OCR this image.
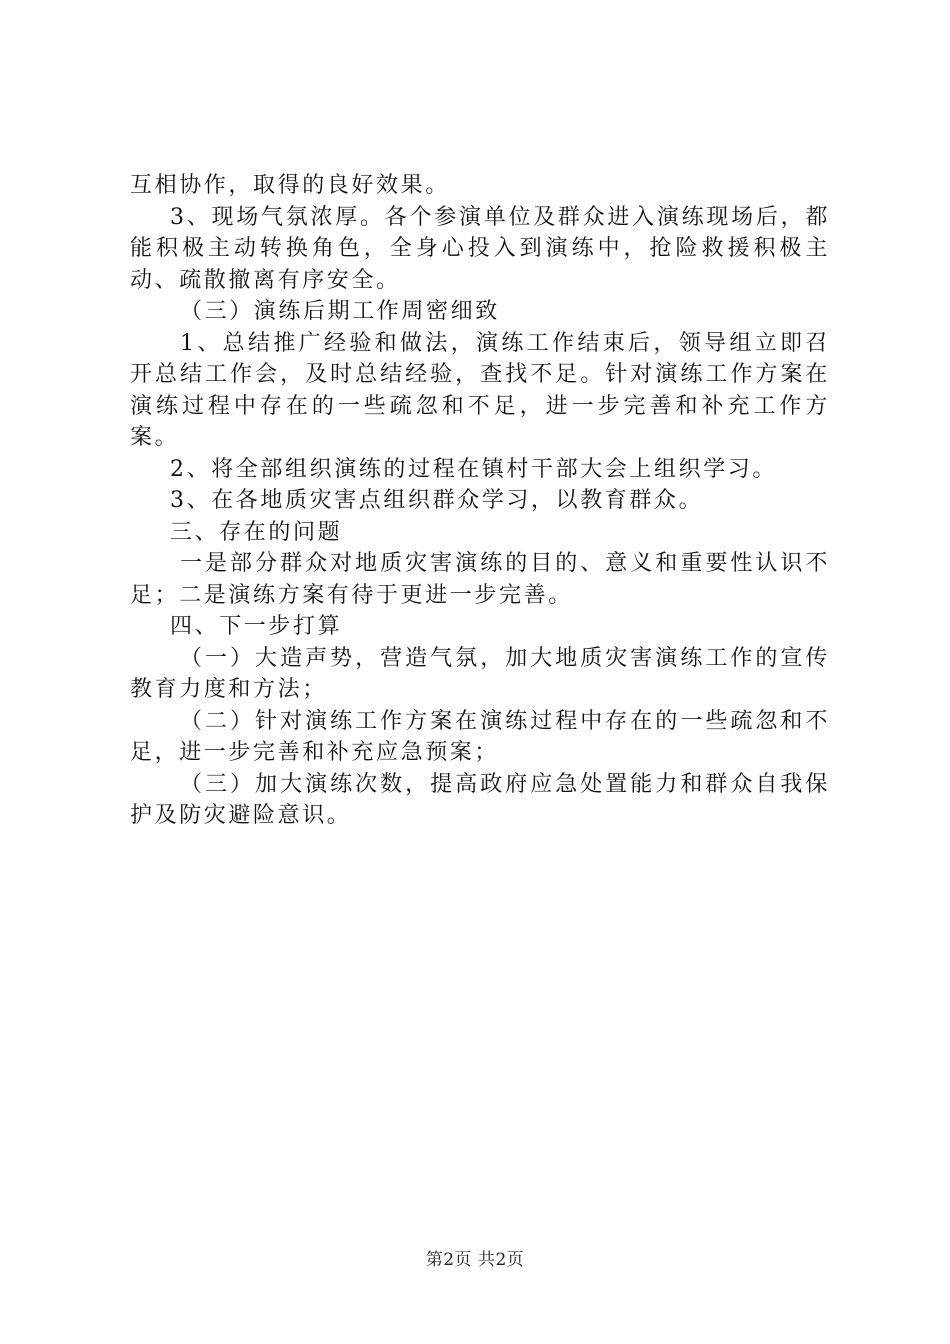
互相协作，取得的良好效果。

3、现场气氛浓厚。各个参演单位及群众进入演练现场后，都能积极主动转换角色，全身心投入到演练中，抢险救援积极主动、疏散撤离有序安全。

（三）演练后期工作周密细致

1、总结推广经验和做法，演练工作结束后，领导组立即召开总结工作会，及时总结经验，查找不足。针对演练工作方案在演练过程中存在的一些疏忽和不足，进一步完善和补充工作方案。

2、将全部组织演练的过程在镇村干部大会上组织学习。

3、在各地质灾害点组织群众学习，以教育群众。

三、存在的问题

一是部分群众对地质灾害演练的目的、意义和重要性认识不足；二是演练方案有待于更进一步完善。

四、下一步打算

（一）大造声势，营造气氛，加大地质灾害演练工作的宣传教育力度和方法；

（二）针对演练工作方案在演练过程中存在的一些疏忽和不足，进一步完善和补充应急预案；

（三）加大演练次数，提高政府应急处置能力和群众自我保护及防灾避险意识。

第2页 共2页
